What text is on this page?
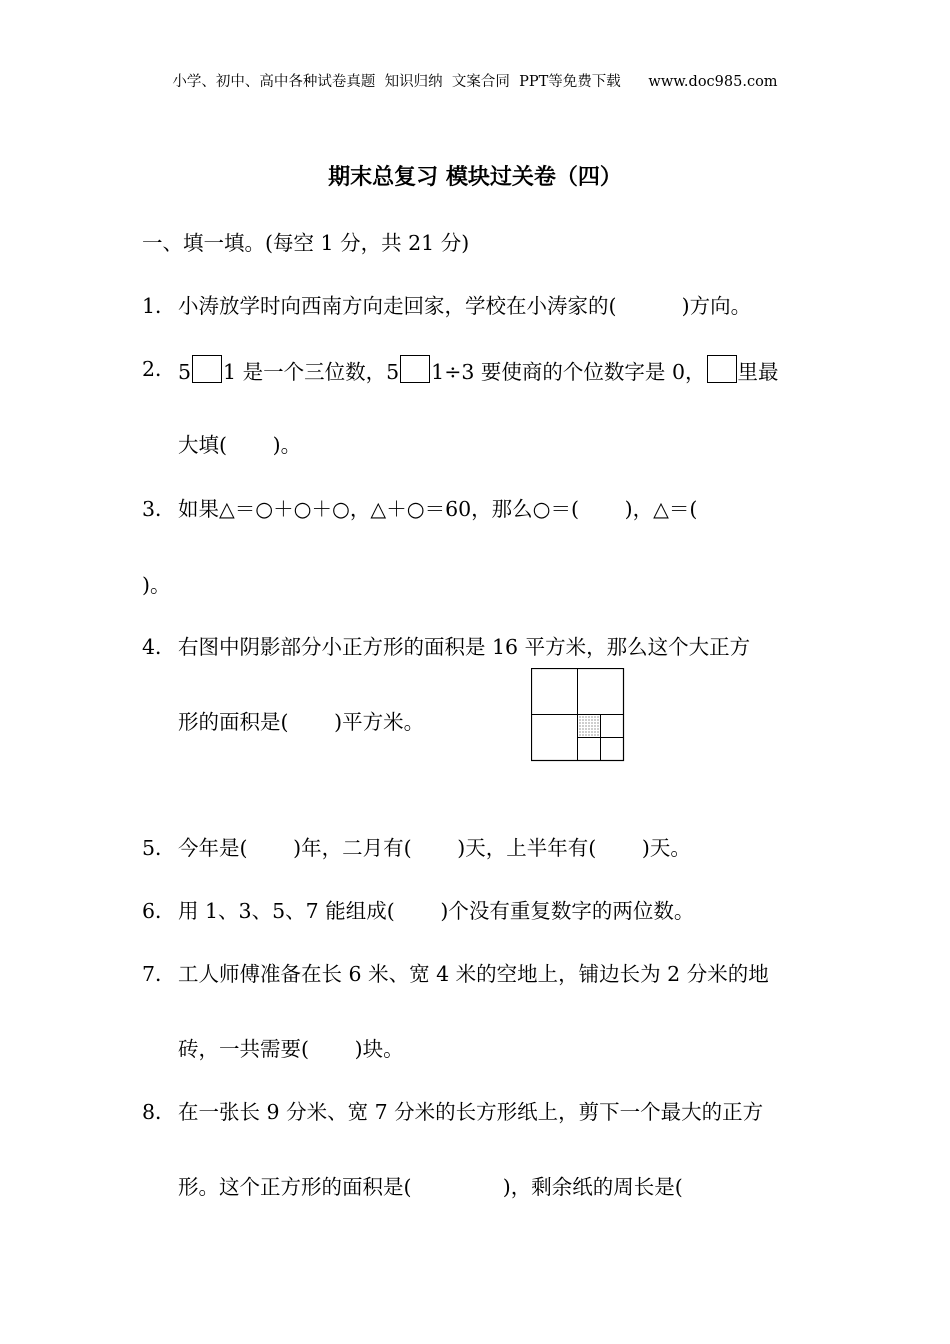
小学、初中、高中各种试卷真题  知识归纳  文案合同  PPT等免费下载      www.doc985.com
期末总复习 模块过关卷（四）
一、填一填。(每空 1 分，共 21 分)
1． 小涛放学时向西南方向走回家，学校在小涛家的(          )方向。
2． 5 1 是一个三位数，5 1÷3 要使商的个位数字是 0， 里最
大填(       )。
3． 如果△＝○＋○＋○，△＋○＝60，那么○＝(       )，△＝(
)。
4． 右图中阴影部分小正方形的面积是 16 平方米，那么这个大正方
形的面积是(       )平方米。
5． 今年是(       )年，二月有(       )天，上半年有(       )天。
6． 用 1、3、5、7 能组成(       )个没有重复数字的两位数。
7． 工人师傅准备在长 6 米、宽 4 米的空地上，铺边长为 2 分米的地
砖，一共需要(       )块。
8． 在一张长 9 分米、宽 7 分米的长方形纸上，剪下一个最大的正方
形。这个正方形的面积是(              )，剩余纸的周长是(
